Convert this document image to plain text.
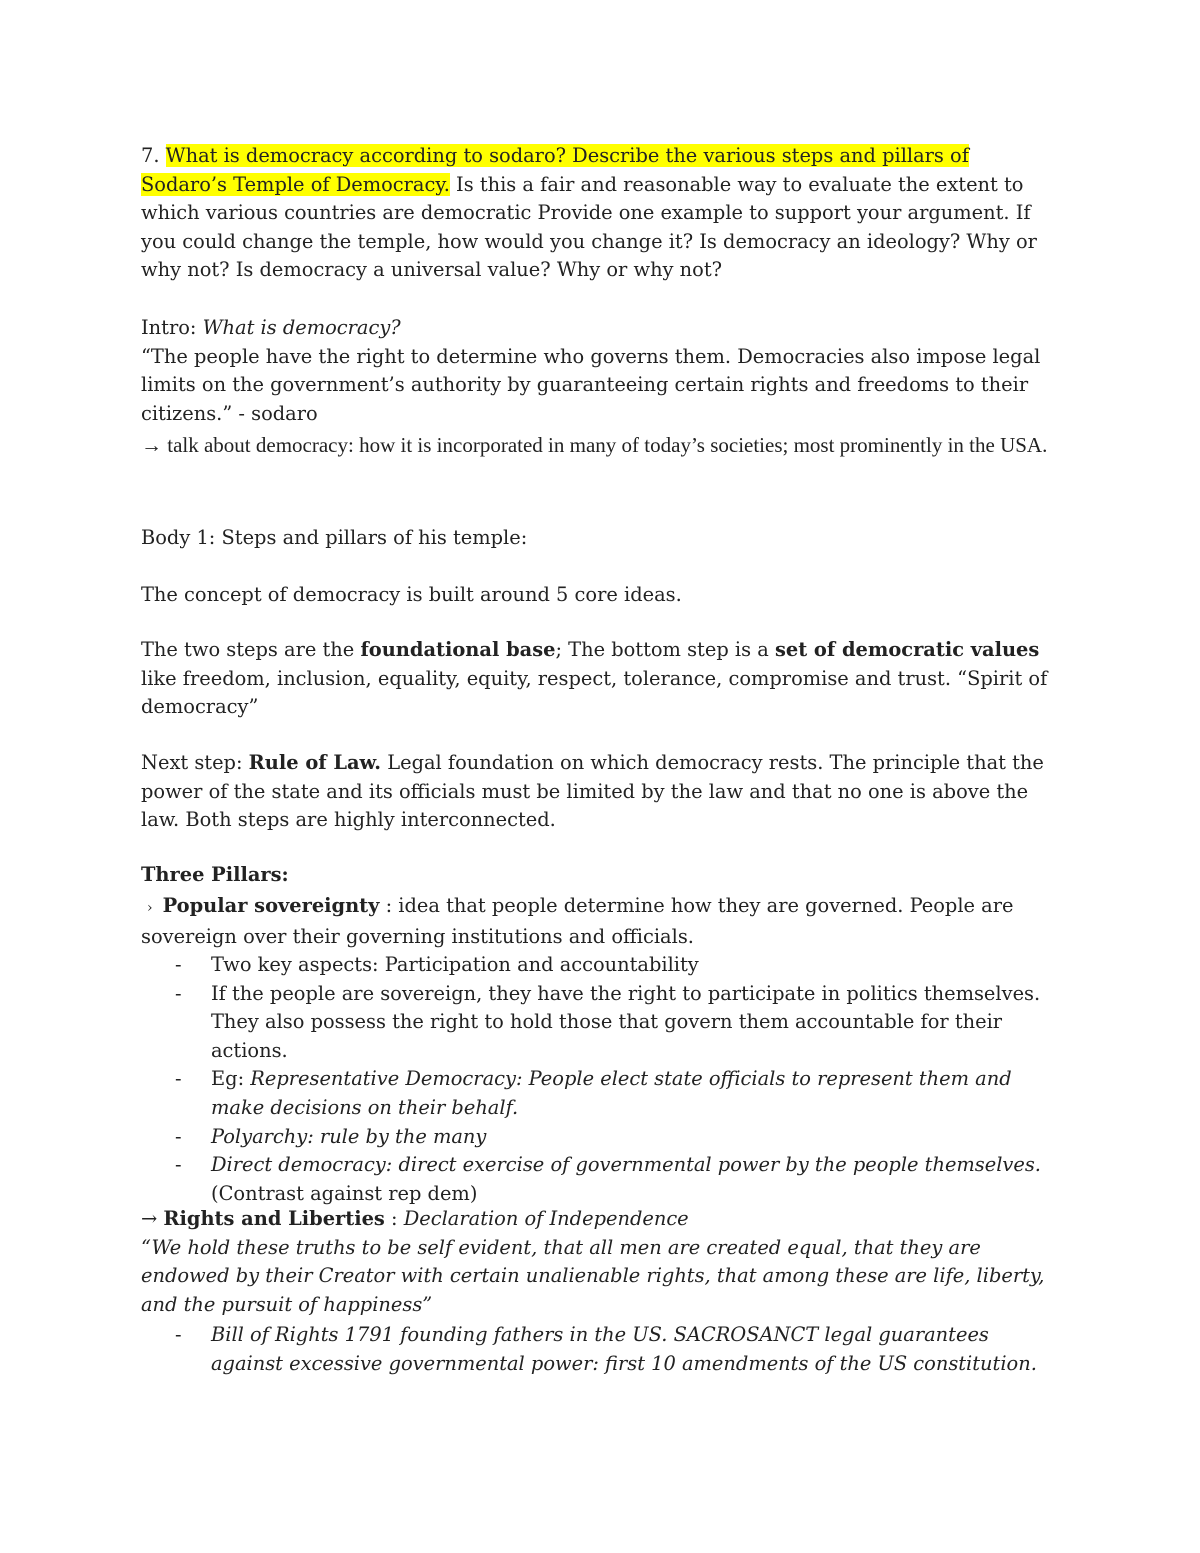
7. What is democracy according to sodaro? Describe the various steps and pillars of Sodaro’s Temple of Democracy. Is this a fair and reasonable way to evaluate the extent to which various countries are democratic Provide one example to support your argument. If you could change the temple, how would you change it? Is democracy an ideology? Why or why not? Is democracy a universal value? Why or why not?

Intro: What is democracy?
“The people have the right to determine who governs them. Democracies also impose legal limits on the government’s authority by guaranteeing certain rights and freedoms to their citizens.” - sodaro

→ talk about democracy: how it is incorporated in many of today’s societies; most prominently in the USA.

Body 1: Steps and pillars of his temple:

The concept of democracy is built around 5 core ideas.

The two steps are the foundational base; The bottom step is a set of democratic values like freedom, inclusion, equality, equity, respect, tolerance, compromise and trust. “Spirit of democracy”

Next step: Rule of Law. Legal foundation on which democracy rests. The principle that the power of the state and its officials must be limited by the law and that no one is above the law. Both steps are highly interconnected.

Three Pillars:

› Popular sovereignty : idea that people determine how they are governed. People are sovereign over their governing institutions and officials.

- Two key aspects: Participation and accountability
- If the people are sovereign, they have the right to participate in politics themselves. They also possess the right to hold those that govern them accountable for their actions.
- Eg: Representative Democracy: People elect state officials to represent them and make decisions on their behalf.
- Polyarchy: rule by the many
- Direct democracy: direct exercise of governmental power by the people themselves. (Contrast against rep dem)

→ Rights and Liberties : Declaration of Independence
“We hold these truths to be self evident, that all men are created equal, that they are endowed by their Creator with certain unalienable rights, that among these are life, liberty, and the pursuit of happiness”

- Bill of Rights 1791 founding fathers in the US. SACROSANCT legal guarantees against excessive governmental power: first 10 amendments of the US constitution.
